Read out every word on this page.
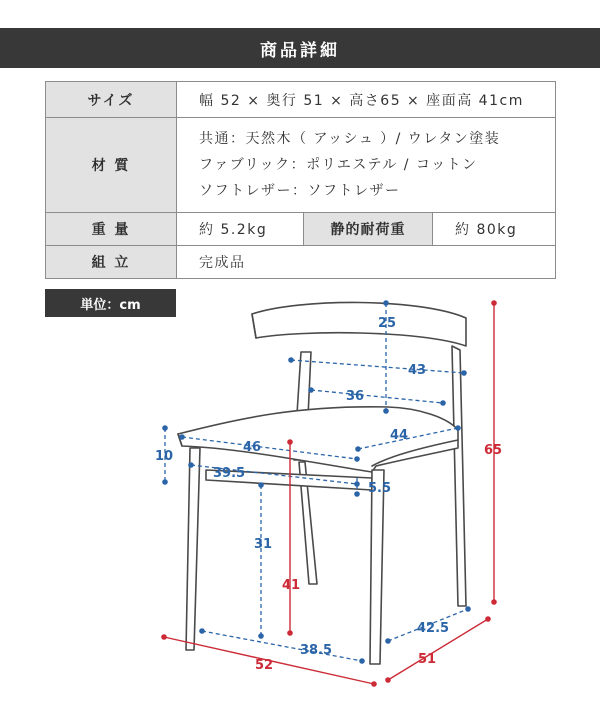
商品詳細
サイズ	幅 52 × 奥行 51 × 高さ65 × 座面高 41cm		
材 質	共通：天然木（ アッシュ ）/ ウレタン塗装
ファブリック：ポリエステル / コットン
ソフトレザー：ソフトレザー		

重 量	約 5.2kg	静的耐荷重	約 80kg
組 立	完成品		
単位：cm
25
43
36
44
46
10
39.5
5.5
31
41
65
42.5
38.5
52	51
